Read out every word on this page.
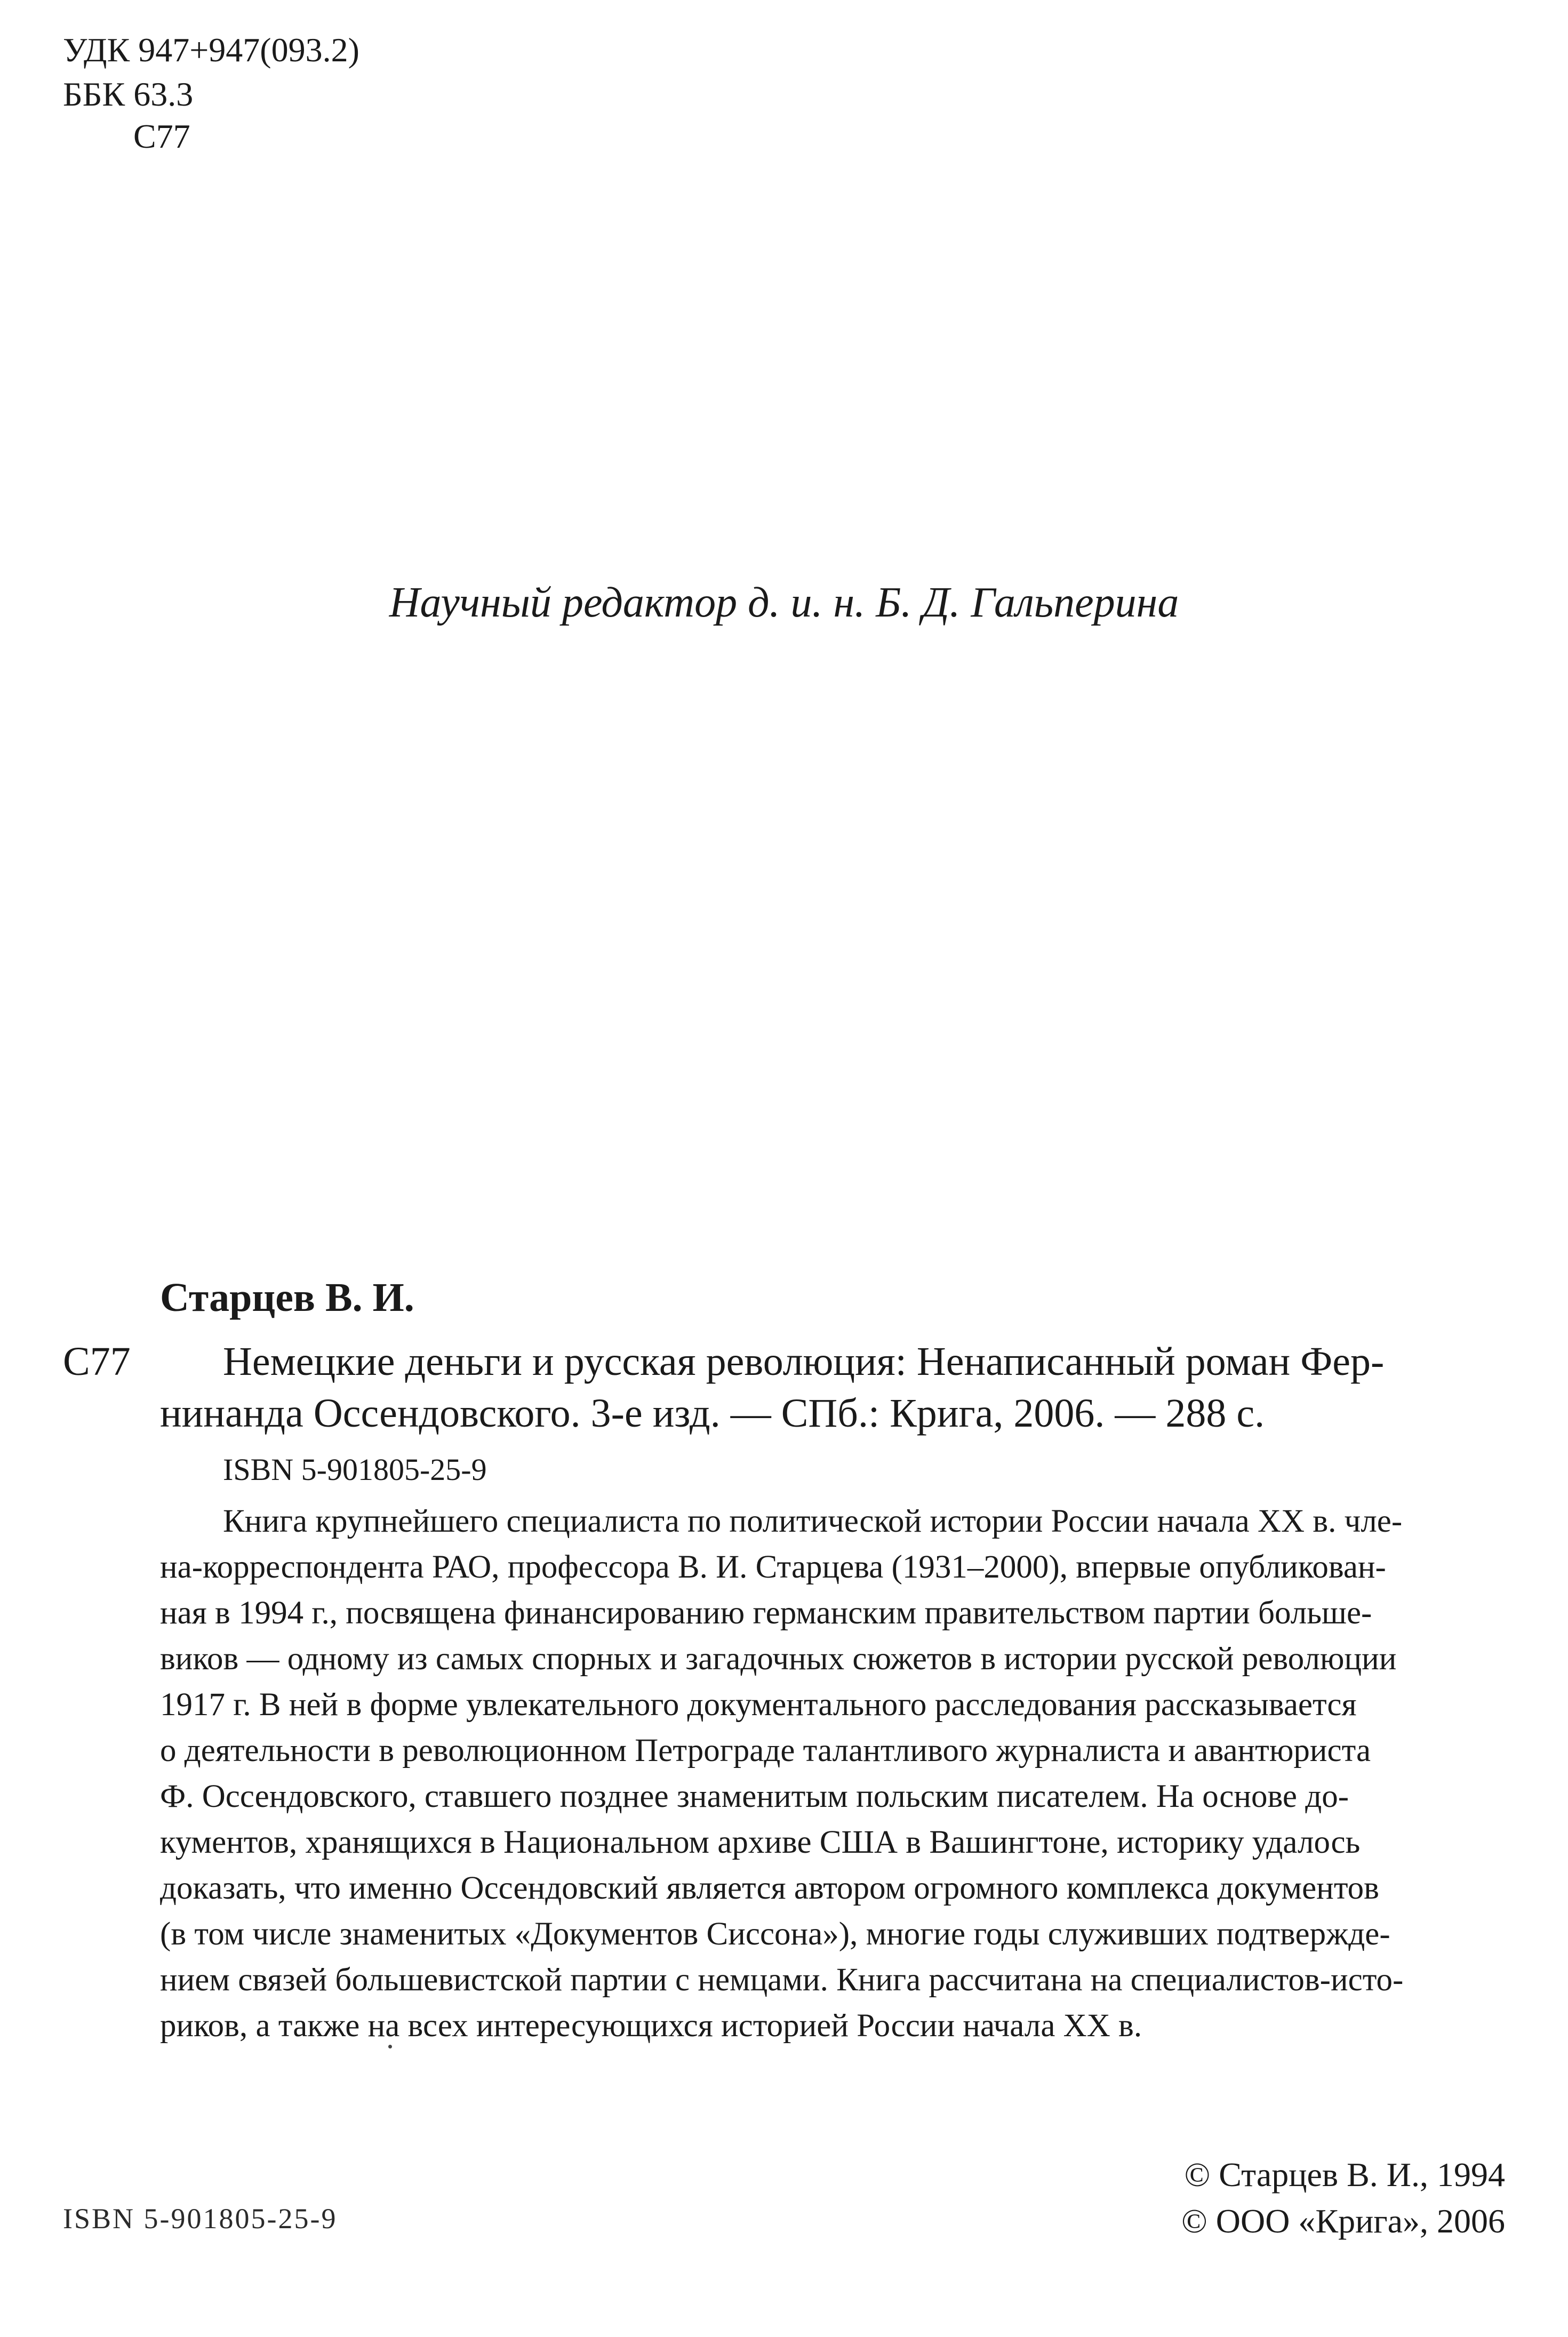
УДК 947+947(093.2)
ББК 63.3
С77
Научный редактор д. и. н. Б. Д. Гальперина
Старцев В. И.
С77 Немецкие деньги и русская революция: Ненаписанный роман Фер-
нинанда Оссендовского. 3-е изд. — СПб.: Крига, 2006. — 288 с.
ISBN 5-901805-25-9
Книга крупнейшего специалиста по политической истории России начала XX в. чле-
на-корреспондента РАО, профессора В. И. Старцева (1931–2000), впервые опубликован-
ная в 1994 г., посвящена финансированию германским правительством партии больше-
виков — одному из самых спорных и загадочных сюжетов в истории русской революции
1917 г. В ней в форме увлекательного документального расследования рассказывается
о деятельности в революционном Петрограде талантливого журналиста и авантюриста
Ф. Оссендовского, ставшего позднее знаменитым польским писателем. На основе до-
кументов, хранящихся в Национальном архиве США в Вашингтоне, историку удалось
доказать, что именно Оссендовский является автором огромного комплекса документов
(в том числе знаменитых «Документов Сиссона»), многие годы служивших подтвержде-
нием связей большевистской партии с немцами. Книга рассчитана на специалистов-исто-
риков, а также на всех интересующихся историей России начала XX в.
ISBN 5-901805-25-9
© Старцев В. И., 1994
© ООО «Крига», 2006
